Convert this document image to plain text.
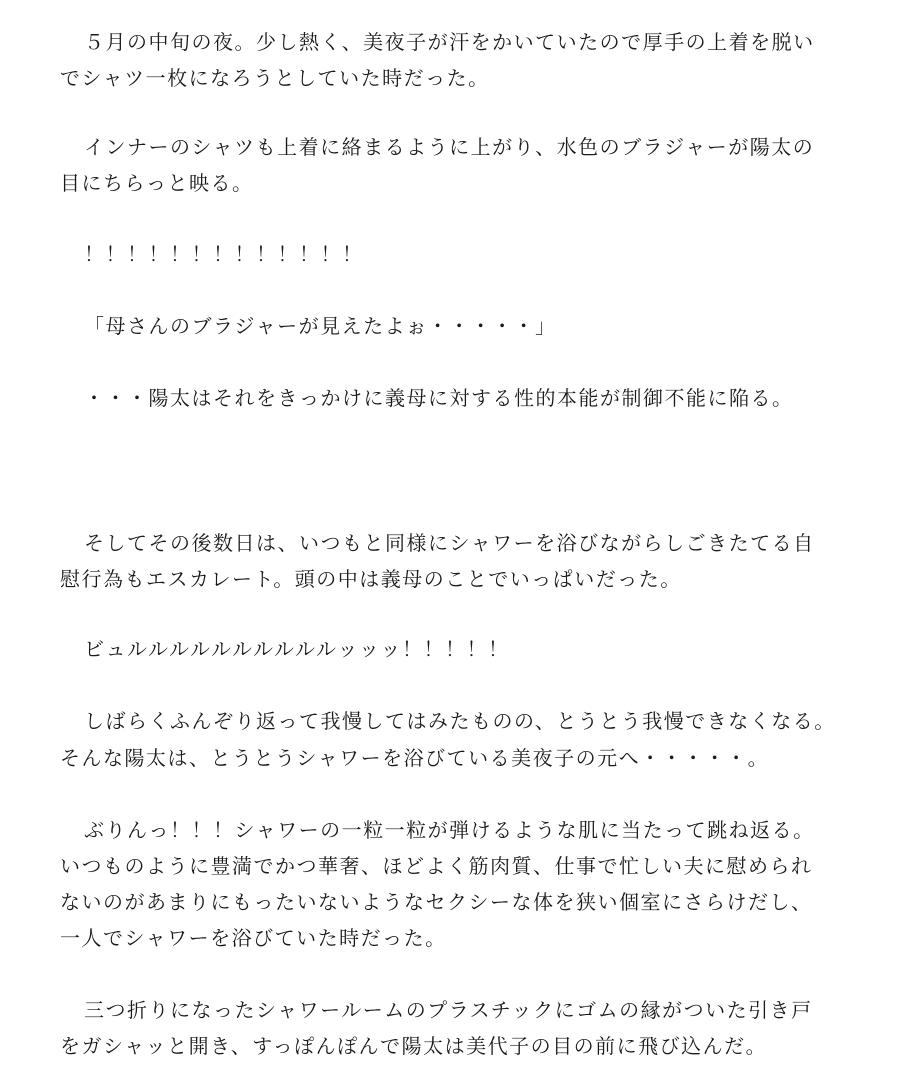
５月の中旬の夜。少し熱く、美夜子が汗をかいていたので厚手の上着を脱い
でシャツ一枚になろうとしていた時だった。
インナーのシャツも上着に絡まるように上がり、水色のブラジャーが陽太の
目にちらっと映る。
！！！！！！！！！！！！！
「母さんのブラジャーが見えたよぉ・・・・・」
・・・陽太はそれをきっかけに義母に対する性的本能が制御不能に陥る。
そしてその後数日は、いつもと同様にシャワーを浴びながらしごきたてる自
慰行為もエスカレート。頭の中は義母のことでいっぱいだった。
ビュルルルルルルルルルルッッッ！！！！！
しばらくふんぞり返って我慢してはみたものの、とうとう我慢できなくなる。
そんな陽太は、とうとうシャワーを浴びている美夜子の元へ・・・・・。
ぶりんっ！！！シャワーの一粒一粒が弾けるような肌に当たって跳ね返る。
いつものように豊満でかつ華奢、ほどよく筋肉質、仕事で忙しい夫に慰められ
ないのがあまりにもったいないようなセクシーな体を狭い個室にさらけだし、
一人でシャワーを浴びていた時だった。
三つ折りになったシャワールームのプラスチックにゴムの縁がついた引き戸
をガシャッと開き、すっぽんぽんで陽太は美代子の目の前に飛び込んだ。
